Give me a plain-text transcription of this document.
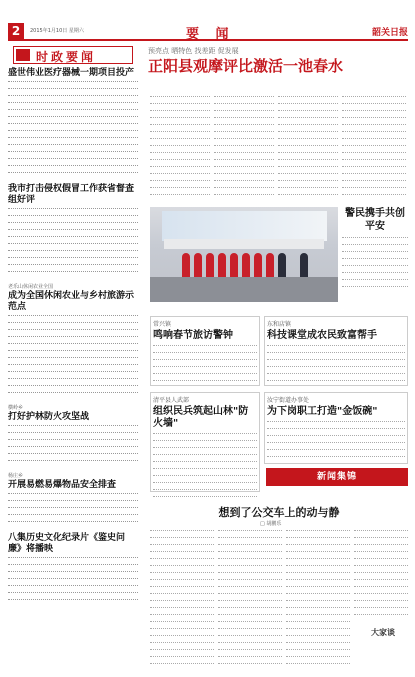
2	2015年1月10日 星期六	要 闻	韶关日报
时政要闻
盛世伟业医疗器械一期项目投产
我市打击侵权假冒工作获省督查组好评
老乐山休闲农业全国
成为全国休闲农业与乡村旅游示范点
横岭乡
打好护林防火攻坚战
杨庄乡
开展易燃易爆物品安全排查
八集历史文化纪录片《鉴史问廉》将播映
预亮点 晒特色 找差距 促发展
正阳县观摩评比激活一池春水
警民携手共创平安
常兴镇
鸣响春节旅访警钟
东和店镇
科技课堂成农民致富帮手
清平县人武部
组织民兵筑起山林"防火墙"
汝宁街道办事处
为下岗职工打造"金饭碗"
新闻集锦
想到了公交车上的动与静
□ 胡鹏乐
大家谈
